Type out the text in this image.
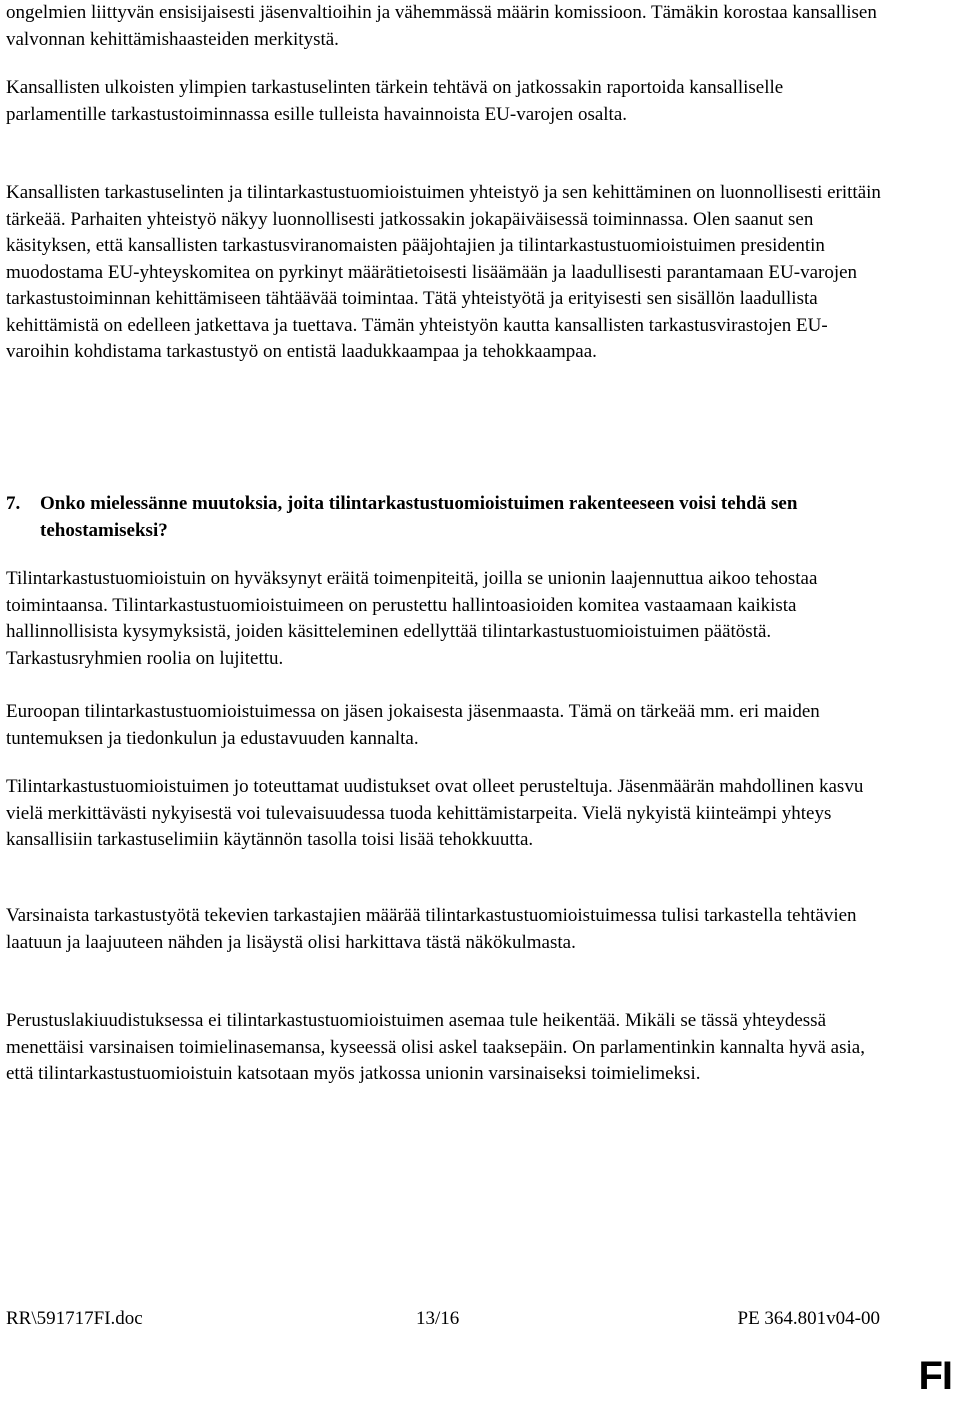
ongelmien liittyvän ensisijaisesti jäsenvaltioihin ja vähemmässä määrin komissioon. Tämäkin korostaa kansallisen valvonnan kehittämishaasteiden merkitystä.

Kansallisten ulkoisten ylimpien tarkastuselinten tärkein tehtävä on jatkossakin raportoida kansalliselle parlamentille tarkastustoiminnassa esille tulleista havainnoista EU-varojen osalta.

Kansallisten tarkastuselinten ja tilintarkastustuomioistuimen yhteistyö ja sen kehittäminen on luonnollisesti erittäin tärkeää. Parhaiten yhteistyö näkyy luonnollisesti jatkossakin jokapäiväisessä toiminnassa. Olen saanut sen käsityksen, että kansallisten tarkastusviranomaisten pääjohtajien ja tilintarkastustuomioistuimen presidentin muodostama EU-yhteyskomitea on pyrkinyt määrätietoisesti lisäämään ja laadullisesti parantamaan EU-varojen tarkastustoiminnan kehittämiseen tähtäävää toimintaa. Tätä yhteistyötä ja erityisesti sen sisällön laadullista kehittämistä on edelleen jatkettava ja tuettava. Tämän yhteistyön kautta kansallisten tarkastusvirastojen EU-varoihin kohdistama tarkastustyö on entistä laadukkaampaa ja tehokkaampaa.

7. Onko mielessänne muutoksia, joita tilintarkastustuomioistuimen rakenteeseen voisi tehdä sen tehostamiseksi?

Tilintarkastustuomioistuin on hyväksynyt eräitä toimenpiteitä, joilla se unionin laajennuttua aikoo tehostaa toimintaansa. Tilintarkastustuomioistuimeen on perustettu hallintoasioiden komitea vastaamaan kaikista hallinnollisista kysymyksistä, joiden käsitteleminen edellyttää tilintarkastustuomioistuimen päätöstä. Tarkastusryhmien roolia on lujitettu.

Euroopan tilintarkastustuomioistuimessa on jäsen jokaisesta jäsenmaasta. Tämä on tärkeää mm. eri maiden tuntemuksen ja tiedonkulun ja edustavuuden kannalta.

Tilintarkastustuomioistuimen jo toteuttamat uudistukset ovat olleet perusteltuja. Jäsenmäärän mahdollinen kasvu vielä merkittävästi nykyisestä voi tulevaisuudessa tuoda kehittämistarpeita. Vielä nykyistä kiinteämpi yhteys kansallisiin tarkastuselimiin käytännön tasolla toisi lisää tehokkuutta.

Varsinaista tarkastustyötä tekevien tarkastajien määrää tilintarkastustuomioistuimessa tulisi tarkastella tehtävien laatuun ja laajuuteen nähden ja lisäystä olisi harkittava tästä näkökulmasta.

Perustuslakiuudistuksessa ei tilintarkastustuomioistuimen asemaa tule heikentää. Mikäli se tässä yhteydessä menettäisi varsinaisen toimielinasemansa, kyseessä olisi askel taaksepäin. On parlamentinkin kannalta hyvä asia, että tilintarkastustuomioistuin katsotaan myös jatkossa unionin varsinaiseksi toimielimeksi.

RR\591717FI.doc	13/16	PE 364.801v04-00
FI
